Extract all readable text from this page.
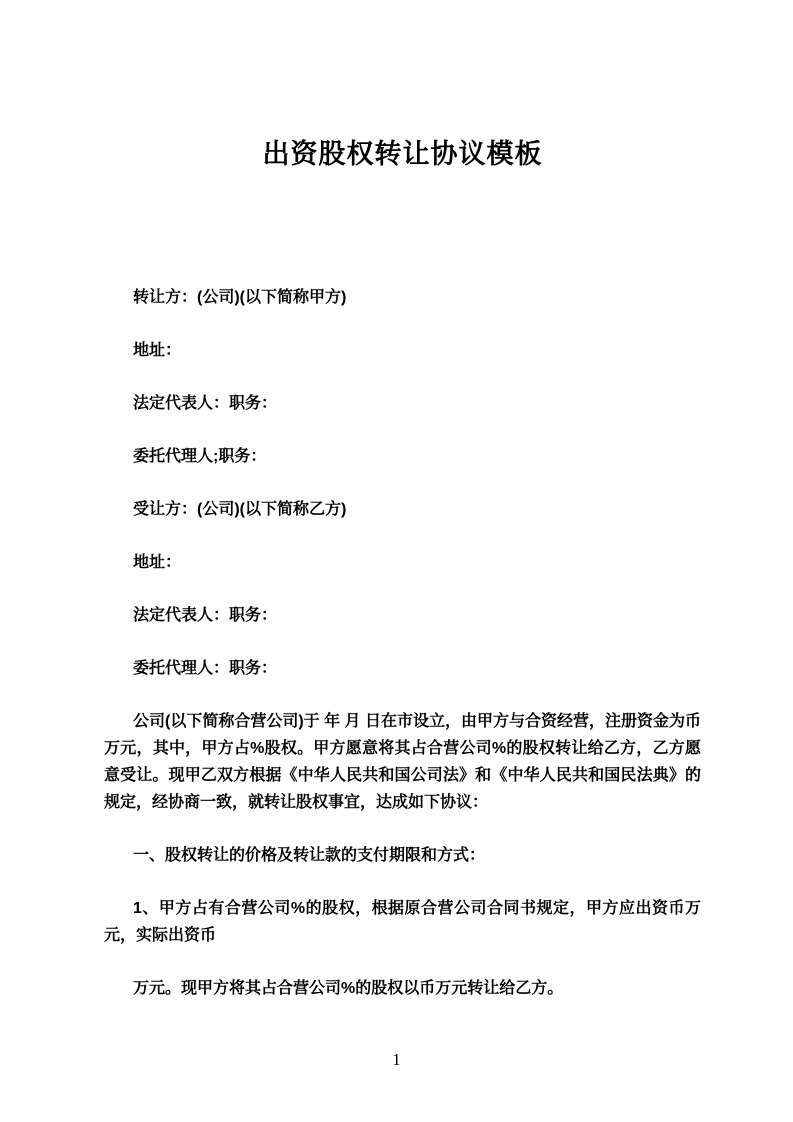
出资股权转让协议模板

转让方：(公司)(以下简称甲方)

地址：

法定代表人：职务：

委托代理人;职务：

受让方：(公司)(以下简称乙方)

地址：

法定代表人：职务：

委托代理人：职务：

公司(以下简称合营公司)于 年 月 日在市设立，由甲方与合资经营，注册资金为币万元，其中，甲方占%股权。甲方愿意将其占合营公司%的股权转让给乙方，乙方愿意受让。现甲乙双方根据《中华人民共和国公司法》和《中华人民共和国民法典》的规定，经协商一致，就转让股权事宜，达成如下协议：

一、股权转让的价格及转让款的支付期限和方式：

1、甲方占有合营公司%的股权，根据原合营公司合同书规定，甲方应出资币万元，实际出资币

万元。现甲方将其占合营公司%的股权以币万元转让给乙方。

1
